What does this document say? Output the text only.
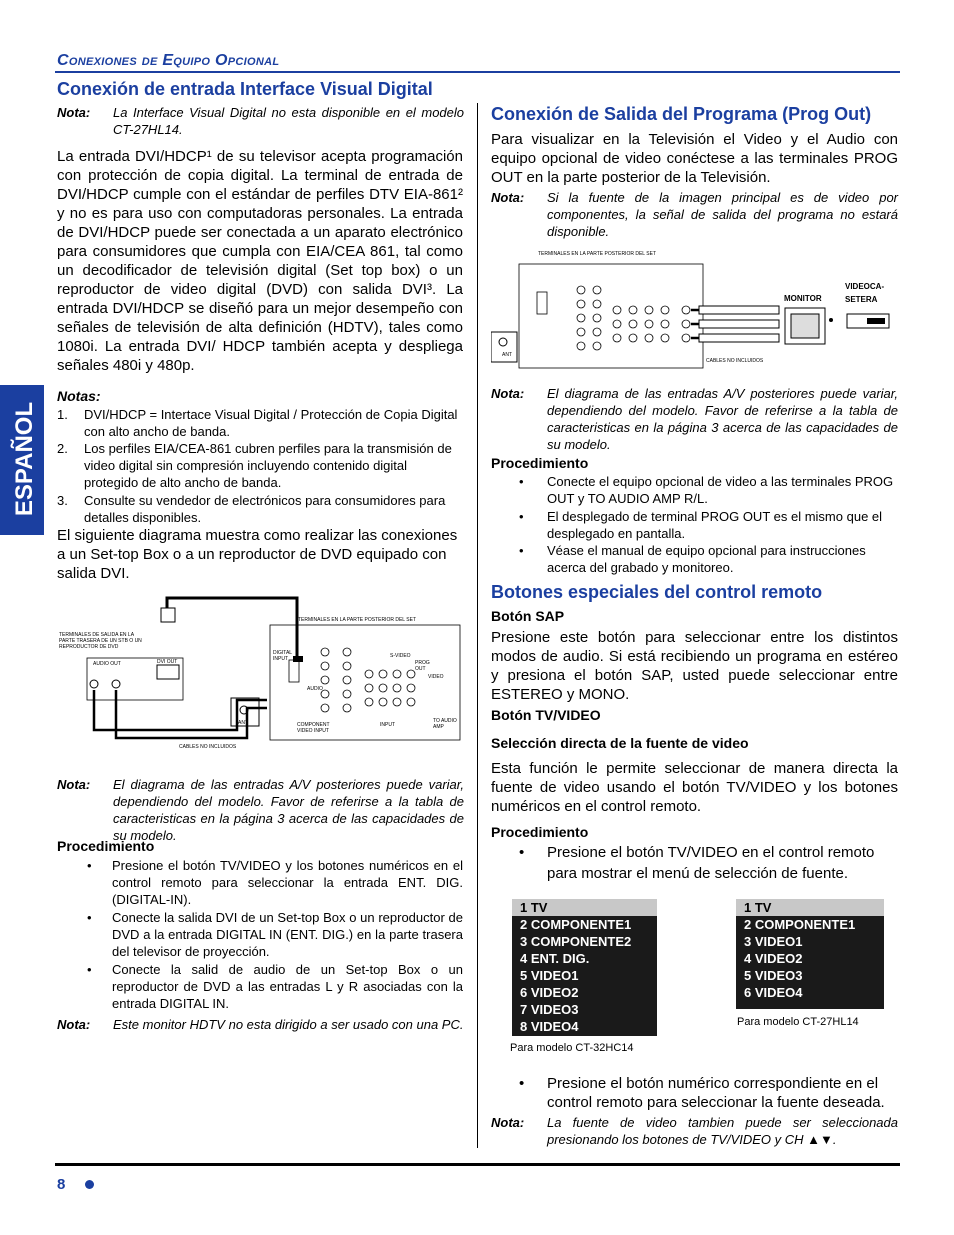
Conexiones de Equipo Opcional
ESPAÑOL
Conexión de entrada Interface Visual Digital
Nota: La Interface Visual Digital no esta disponible en el modelo CT-27HL14.
La entrada DVI/HDCP¹ de su televisor acepta programación con protección de copia digital. La terminal de entrada de DVI/HDCP cumple con el estándar de perfiles DTV EIA-861² y no es para uso con computadoras personales. La entrada de DVI/HDCP puede ser conectada a un aparato electrónico para consumidores que cumpla con EIA/CEA 861, tal como un decodificador de televisión digital (Set top box) o un reproductor de video digital (DVD) con salida DVI³. La entrada DVI/HDCP se diseñó para un mejor desempeño con señales de televisión de alta definición (HDTV), tales como 1080i. La entrada DVI/ HDCP también acepta y despliega señales 480i y 480p.
Notas:
1. DVI/HDCP = Intertace Visual Digital / Protección de Copia Digital con alto ancho de banda.
2. Los perfiles EIA/CEA-861 cubren perfiles para la transmisión de video digital sin compresión incluyendo contenido digital protegido de alto ancho de banda.
3. Consulte su vendedor de electrónicos para consumidores para detalles disponibles.
El siguiente diagrama muestra como realizar las conexiones a un Set-top Box o a un reproductor de DVD equipado con salida DVI.
TERMINALES DE SALIDA EN LA PARTE TRASERA DE UN STB O UN REPRODUCTOR DE DVD
AUDIO OUT	DVI OUT
TERMINALES EN LA PARTE POSTERIOR DEL SET
DIGITAL INPUT	S-VIDEO
PROG OUT
VIDEO
AUDIO
COMPONENT VIDEO INPUT
INPUT
TO AUDIO AMP
ANT
CABLES NO INCLUIDOS
Nota: El diagrama de las entradas A/V posteriores puede variar, dependiendo del modelo. Favor de referirse a la tabla de caracteristicas en la página 3 acerca de las capacidades de su modelo.
Procedimiento
• Presione el botón TV/VIDEO y los botones numéricos en el control remoto para seleccionar la entrada ENT. DIG. (DIGITAL-IN).
• Conecte la salida DVI de un Set-top Box o un reproductor de DVD a la entrada DIGITAL IN (ENT. DIG.) en la parte trasera del televisor de proyección.
• Conecte la salid de audio de un Set-top Box o un reproductor de DVD a las entradas L y R asociadas con la entrada DIGITAL IN.
Nota: Este monitor HDTV no esta dirigido a ser usado con una PC.
Conexión de Salida del Programa (Prog Out)
Para visualizar en la Televisión el Video y el Audio con equipo opcional de video conéctese a las terminales PROG OUT en la parte posterior de la Televisión.
Nota: Si la fuente de la imagen principal es de video por componentes, la señal de salida del programa no estará disponible.
TERMINALES EN LA PARTE POSTERIOR DEL SET
MONITOR
VIDEOCA- SETERA
CABLES NO INCLUIDOS
ANT
Nota: El diagrama de las entradas A/V posteriores puede variar, dependiendo del modelo. Favor de referirse a la tabla de caracteristicas en la página 3 acerca de las capacidades de su modelo.
Procedimiento
• Conecte el equipo opcional de video a las terminales PROG OUT y TO AUDIO AMP R/L.
• El desplegado de terminal PROG OUT es el mismo que el desplegado en pantalla.
• Véase el manual de equipo opcional para instrucciones acerca del grabado y monitoreo.
Botones especiales del control remoto
Botón SAP
Presione este botón para seleccionar entre los distintos modos de audio. Si está recibiendo un programa en estéreo y presiona el botón SAP, usted puede seleccionar entre ESTEREO y MONO.
Botón TV/VIDEO
Selección directa de la fuente de video
Esta función le permite seleccionar de manera directa la fuente de video usando el botón TV/VIDEO y los botones numéricos en el control remoto.
Procedimiento
• Presione el botón TV/VIDEO en el control remoto para mostrar el menú de selección de fuente.
1 TV
2 COMPONENTE1
3 COMPONENTE2
4 ENT. DIG.
5 VIDEO1
6 VIDEO2
7 VIDEO3
8 VIDEO4
Para modelo CT-32HC14
1 TV
2 COMPONENTE1
3 VIDEO1
4 VIDEO2
5 VIDEO3
6 VIDEO4
Para modelo CT-27HL14
• Presione el botón numérico correspondiente en el control remoto para seleccionar la fuente deseada.
Nota: La fuente de video tambien puede ser seleccionada presionando los botones de TV/VIDEO y CH ▲▼.
8
